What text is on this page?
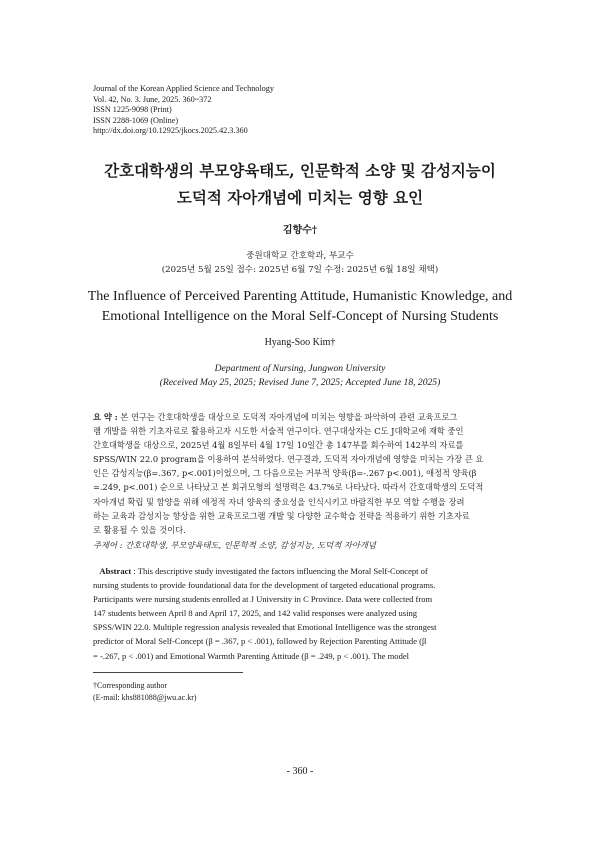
Journal of the Korean Applied Science and Technology
Vol. 42, No. 3. June, 2025. 360~372
ISSN 1225-9098 (Print)
ISSN 2288-1069 (Online)
http://dx.doi.org/10.12925/jkocs.2025.42.3.360
간호대학생의 부모양육태도, 인문학적 소양 및 감성지능이
도덕적 자아개념에 미치는 영향 요인
김향수†
중원대학교 간호학과, 부교수
(2025년 5월 25일 접수: 2025년 6월 7일 수정: 2025년 6월 18일 채택)
The Influence of Perceived Parenting Attitude, Humanistic Knowledge, and
Emotional Intelligence on the Moral Self-Concept of Nursing Students
Hyang-Soo Kim†
Department of Nursing, Jungwon University
(Received May 25, 2025; Revised June 7, 2025; Accepted June 18, 2025)
요 약 : 본 연구는 간호대학생을 대상으로 도덕적 자아개념에 미치는 영향을 파악하여 관련 교육프로그
램 개발을 위한 기초자료로 활용하고자 시도한 서술적 연구이다. 연구대상자는 C도 J대학교에 재학 중인
간호대학생을 대상으로, 2025년 4월 8일부터 4월 17일 10일간 총 147부를 회수하여 142부의 자료를
SPSS/WIN 22.0 program을 이용하여 분석하였다. 연구결과, 도덕적 자아개념에 영향을 미치는 가장 큰 요
인은 감성지능(β=.367, p<.001)이었으며, 그 다음으로는 거부적 양육(β=-.267 p<.001), 애정적 양육(β
=.249, p<.001) 순으로 나타났고 본 회귀모형의 설명력은 43.7%로 나타났다. 따라서 간호대학생의 도덕적
자아개념 확립 및 함양을 위해 애정적 자녀 양육의 중요성을 인식시키고 바람직한 부모 역할 수행을 장려
하는 교육과 감성지능 향상을 위한 교육프로그램 개발 및 다양한 교수학습 전략을 적용하기 위한 기초자료
로 활용될 수 있을 것이다.
주제어 : 간호대학생, 부모양육태도, 인문학적 소양, 감성지능, 도덕적 자아개념
Abstract : This descriptive study investigated the factors influencing the Moral Self-Concept of
nursing students to provide foundational data for the development of targeted educational programs.
Participants were nursing students enrolled at J University in C Province. Data were collected from
147 students between April 8 and April 17, 2025, and 142 valid responses were analyzed using
SPSS/WIN 22.0. Multiple regression analysis revealed that Emotional Intelligence was the strongest
predictor of Moral Self-Concept (β = .367, p < .001), followed by Rejection Parenting Attitude (β
= -.267, p < .001) and Emotional Warmth Parenting Attitude (β = .249, p < .001). The model
†Corresponding author
(E-mail: khs881088@jwu.ac.kr)
- 360 -
